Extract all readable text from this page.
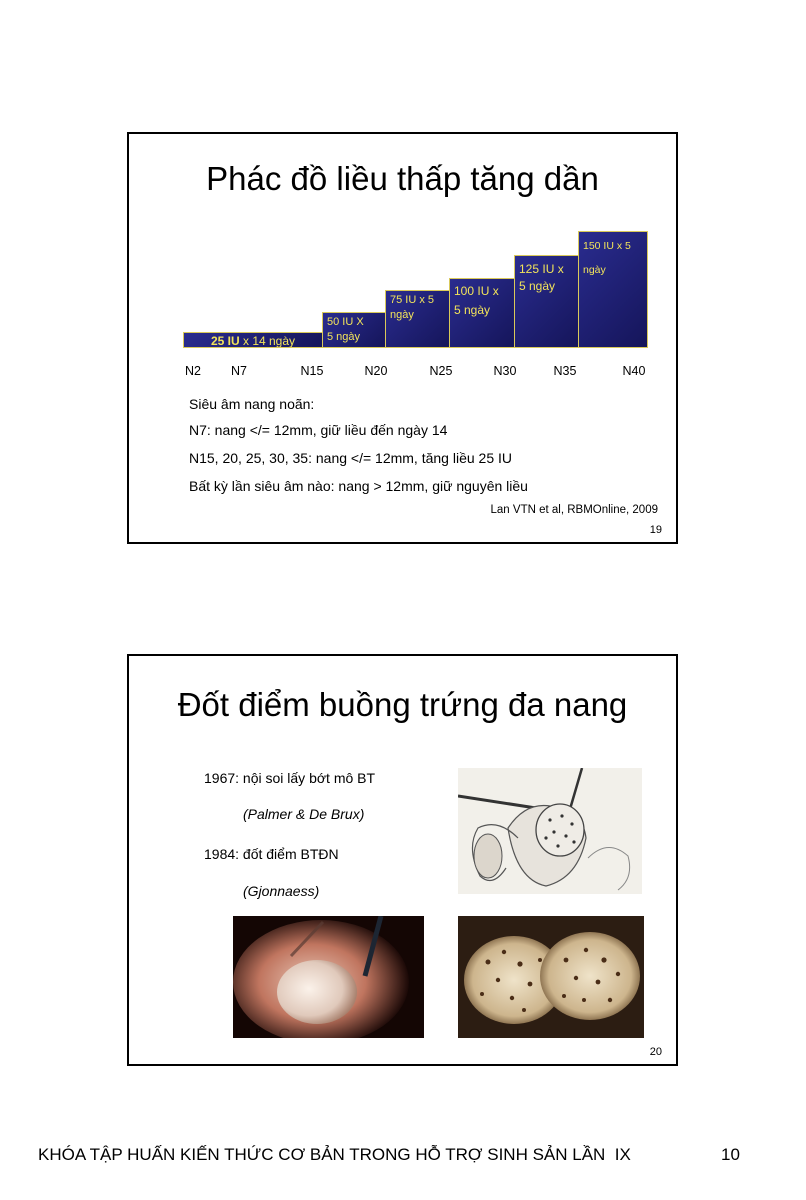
Phác đồ liều thấp tăng dần
25 IU x 14 ngày
50 IU X
5 ngày
75 IU x 5
ngày
100 IU x
5 ngày
125 IU x
5 ngày
150 IU x 5
ngày
N2 N7	N15	N20	N25	N30	N35	N40
Siêu âm nang noãn:
N7: nang </= 12mm, giữ liều đến ngày 14
N15, 20, 25, 30, 35: nang </= 12mm, tăng liều 25 IU
Bất kỳ lần siêu âm nào: nang > 12mm, giữ nguyên liều
Lan VTN et al, RBMOnline, 2009
19
Đốt điểm buồng trứng đa nang
1967: nội soi lấy bớt mô BT
(Palmer & De Brux)
1984: đốt điểm BTĐN
(Gjonnaess)
20
KHÓA TẬP HUẤN KIẾN THỨC CƠ BẢN TRONG HỖ TRỢ SINH SẢN LẦN  IX	10
